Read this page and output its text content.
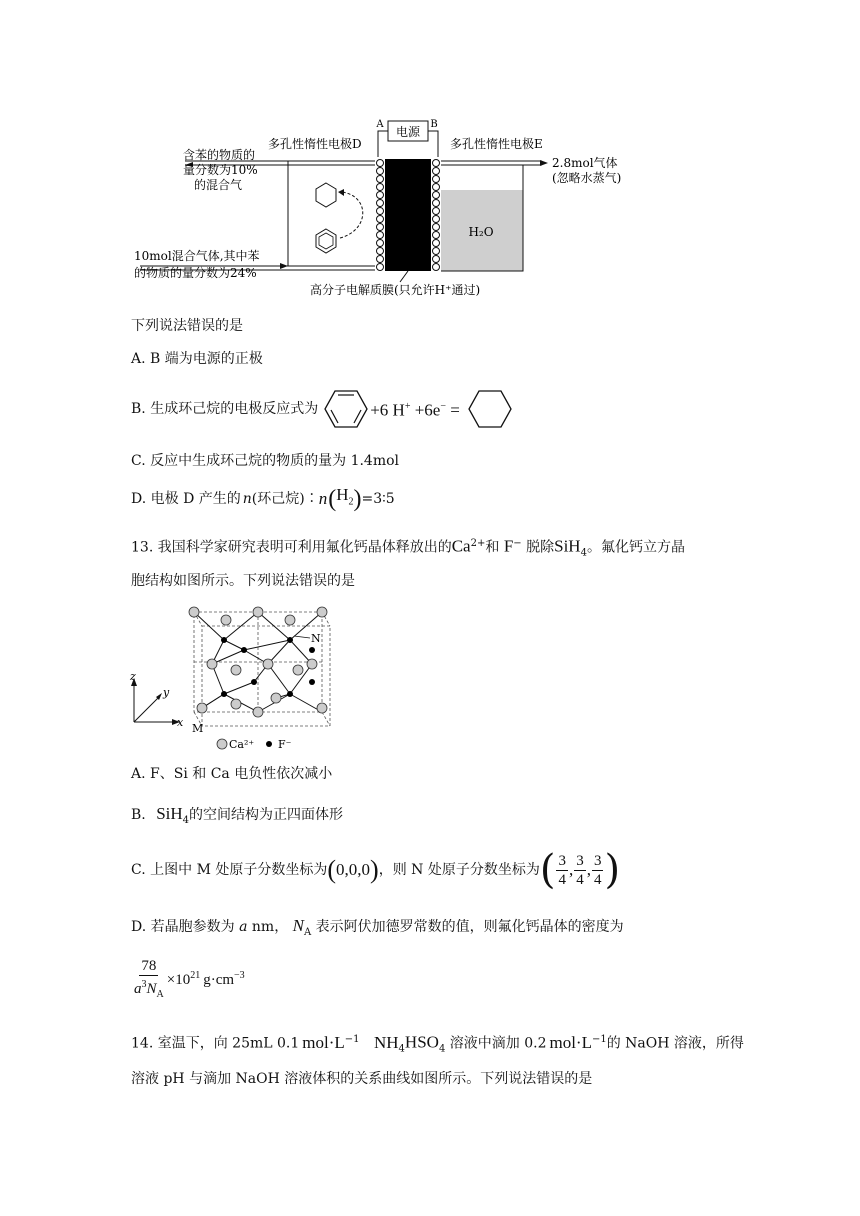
电源
A	B
多孔性惰性电极D	多孔性惰性电极E
H₂O
含苯的物质的
量分数为10%
的混合气
10mol混合气体,其中苯
的物质的量分数为24%
2.8mol气体
(忽略水蒸气)
高分子电解质膜(只允许H⁺通过)
下列说法错误的是
A. B 端为电源的正极
B. 生成环己烷的电极反应式为	+6 H+ +6e− =
C. 反应中生成环己烷的物质的量为 1.4mol
D. 电极 D 产生的 n (环己烷)∶ n ( $H_2$ ) =3∶5
13. 我国科学家研究表明可利用氟化钙晶体释放出的$Ca^{2+}$和 F− 脱除SiH$_4$。氟化钙立方晶
胞结构如图所示。下列说法错误的是
z
y
x
N
M
Ca²⁺ F⁻
A. F、Si 和 Ca 电负性依次减小
B. SiH$_4$的空间结构为正四面体形
C. 上图中 M 处原子分数坐标为 ( 0,0,0 ) ，则 N 处原子分数坐标为 ( $\frac{3}{4}$ , $\frac{3}{4}$ , $\frac{3}{4}$ )
D. 若晶胞参数为 a nm， $N_A$ 表示阿伏加德罗常数的值，则氟化钙晶体的密度为
$\frac{78}{a^3N_A} \times 10^{21}$ $g\cdot cm^{-3}$
14. 室温下，向 25mL 0.1 $mol\cdot L^{-1}$ $NH_4HSO_4$ 溶液中滴加 0.2 $mol\cdot L^{-1}$的 NaOH 溶液，所得
溶液 pH 与滴加 NaOH 溶液体积的关系曲线如图所示。下列说法错误的是
